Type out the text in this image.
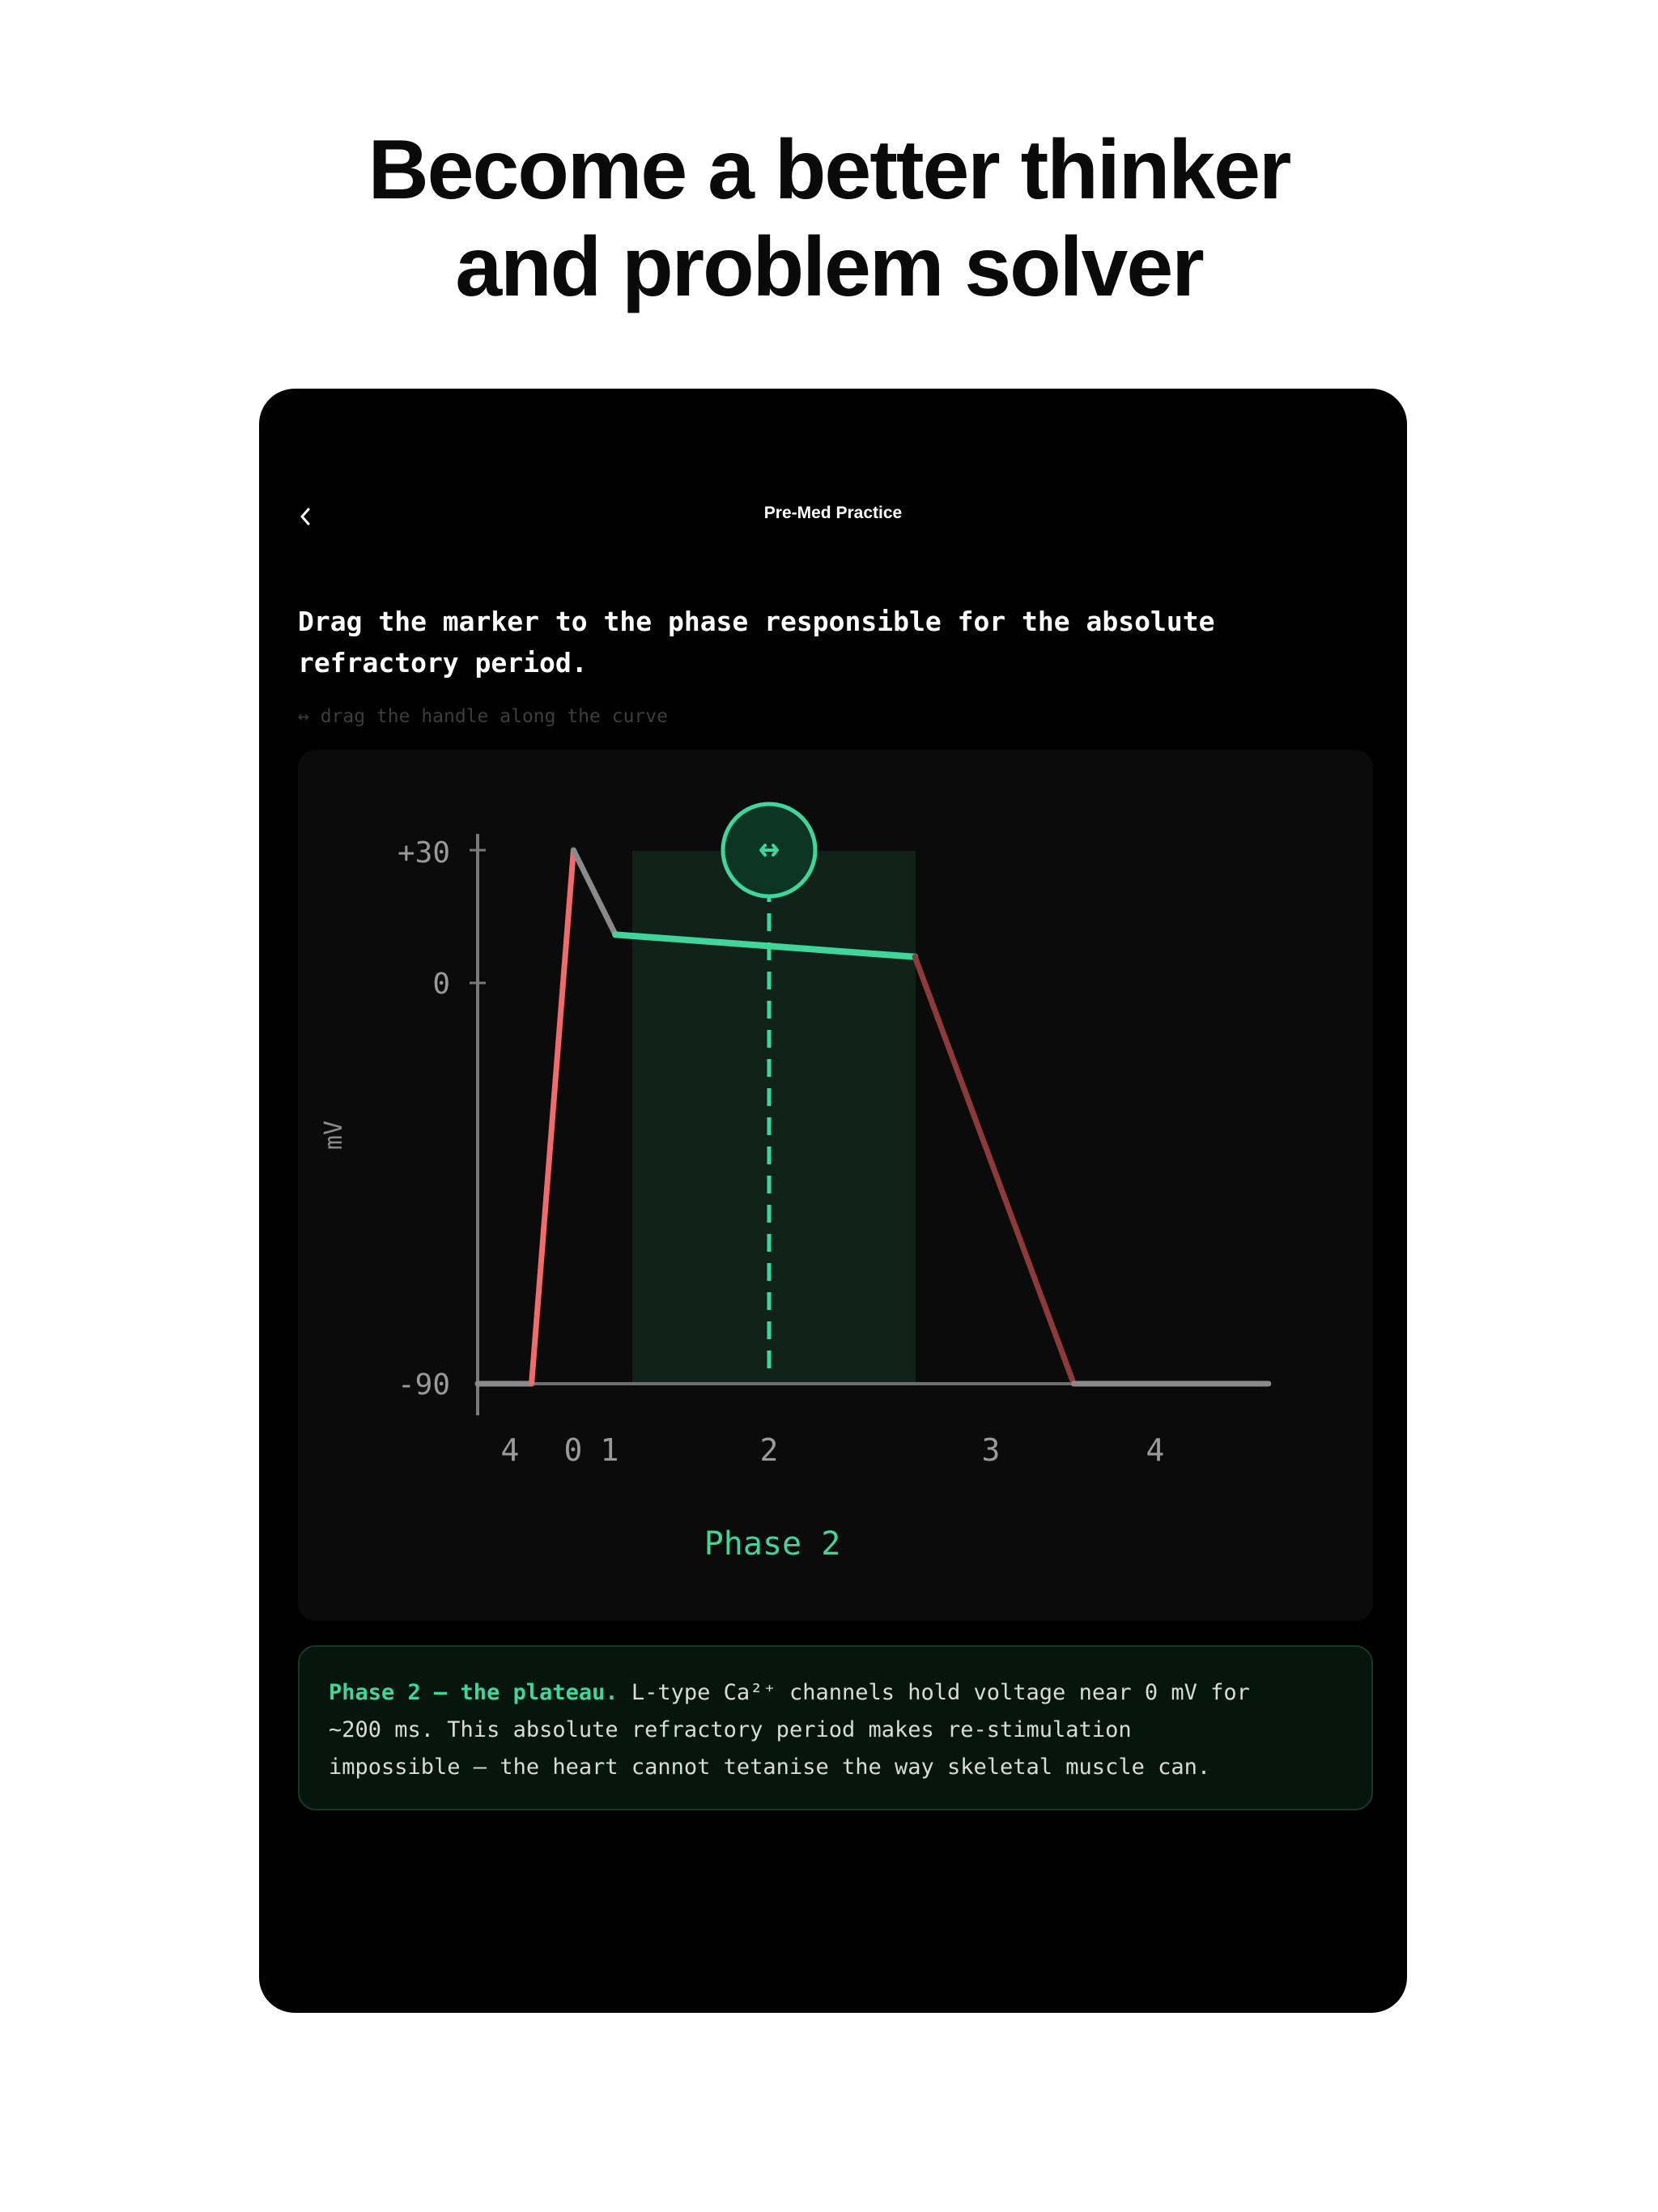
Become a better thinker
and problem solver
Pre-Med Practice
Drag the marker to the phase responsible for the absolute refractory period.
↔ drag the handle along the curve
+30
0
-90
mV
4 0 1	2	3	4
Phase 2
Phase 2 — the plateau. L-type Ca²⁺ channels hold voltage near 0 mV for
~200 ms. This absolute refractory period makes re-stimulation
impossible — the heart cannot tetanise the way skeletal muscle can.
